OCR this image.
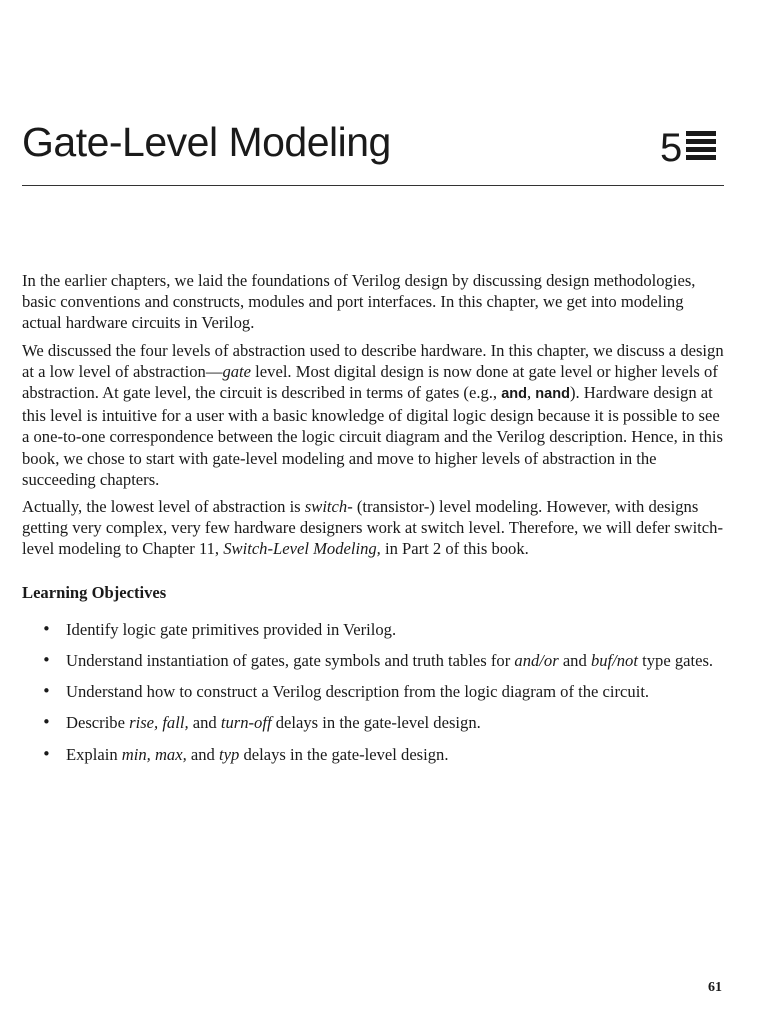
Gate-Level Modeling	5

In the earlier chapters, we laid the foundations of Verilog design by discussing design methodologies, basic conventions and constructs, modules and port interfaces. In this chapter, we get into modeling actual hardware circuits in Verilog.

We discussed the four levels of abstraction used to describe hardware. In this chapter, we discuss a design at a low level of abstraction—gate level. Most digital design is now done at gate level or higher levels of abstraction. At gate level, the circuit is described in terms of gates (e.g., and, nand). Hardware design at this level is intuitive for a user with a basic knowledge of digital logic design because it is possible to see a one-to-one correspondence between the logic circuit diagram and the Verilog description. Hence, in this book, we chose to start with gate-level modeling and move to higher levels of abstraction in the succeeding chapters.

Actually, the lowest level of abstraction is switch- (transistor-) level modeling. However, with designs getting very complex, very few hardware designers work at switch level. Therefore, we will defer switch-level modeling to Chapter 11, Switch-Level Modeling, in Part 2 of this book.

Learning Objectives
• Identify logic gate primitives provided in Verilog.
• Understand instantiation of gates, gate symbols and truth tables for and/or and buf/not type gates.
• Understand how to construct a Verilog description from the logic diagram of the circuit.
• Describe rise, fall, and turn-off delays in the gate-level design.
• Explain min, max, and typ delays in the gate-level design.
61
